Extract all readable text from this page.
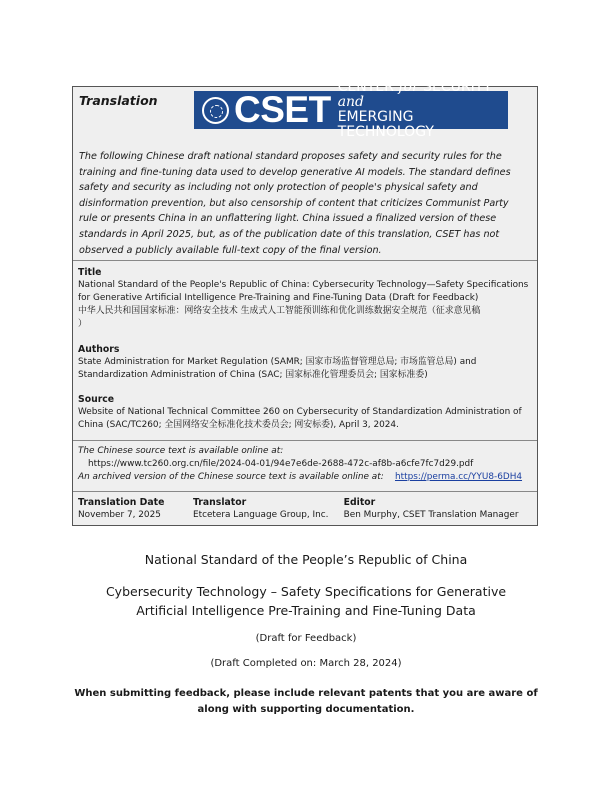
Translation CSET
CENTER for SECURITY and
EMERGING TECHNOLOGY
The following Chinese draft national standard proposes safety and security rules for the training and fine-tuning data used to develop generative AI models. The standard defines safety and security as including not only protection of people's physical safety and disinformation prevention, but also censorship of content that criticizes Communist Party rule or presents China in an unflattering light. China issued a finalized version of these standards in April 2025, but, as of the publication date of this translation, CSET has not observed a publicly available full-text copy of the final version.
Title
National Standard of the People's Republic of China: Cybersecurity Technology—Safety Specifications
for Generative Artificial Intelligence Pre-Training and Fine-Tuning Data (Draft for Feedback)
中华人民共和国国家标准：网络安全技术 生成式人工智能预训练和优化训练数据安全规范（征求意见稿
）
Authors
State Administration for Market Regulation (SAMR; 国家市场监督管理总局; 市场监管总局) and
Standardization Administration of China (SAC; 国家标准化管理委员会; 国家标准委)
Source
Website of National Technical Committee 260 on Cybersecurity of Standardization Administration of
China (SAC/TC260; 全国网络安全标准化技术委员会; 网安标委), April 3, 2024.
The Chinese source text is available online at:
https://www.tc260.org.cn/file/2024-04-01/94e7e6de-2688-472c-af8b-a6cfe7fc7d29.pdf
An archived version of the Chinese source text is available online at: https://perma.cc/YYU8-6DH4
Translation Date
November 7, 2025
Translator
Etcetera Language Group, Inc.
Editor
Ben Murphy, CSET Translation Manager
National Standard of the People’s Republic of China
Cybersecurity Technology – Safety Specifications for Generative
Artificial Intelligence Pre-Training and Fine-Tuning Data
(Draft for Feedback)
(Draft Completed on: March 28, 2024)
When submitting feedback, please include relevant patents that you are aware of
along with supporting documentation.
